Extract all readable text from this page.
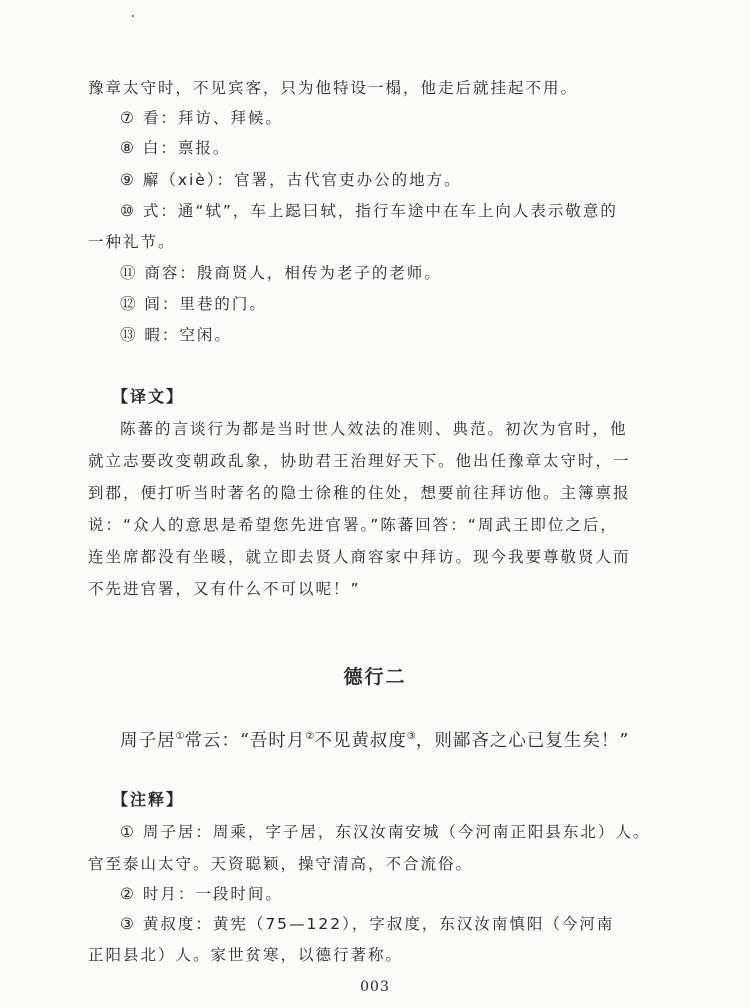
豫章太守时，不见宾客，只为他特设一榻，他走后就挂起不用。
⑦ 看：拜访、拜候。
⑧ 白：禀报。
⑨ 廨（xiè）：官署，古代官吏办公的地方。
⑩ 式：通“轼”，车上跽曰轼，指行车途中在车上向人表示敬意的
一种礼节。
⑪ 商容：殷商贤人，相传为老子的老师。
⑫ 闾：里巷的门。
⑬ 暇：空闲。
【译文】
陈蕃的言谈行为都是当时世人效法的准则、典范。初次为官时，他
就立志要改变朝政乱象，协助君王治理好天下。他出任豫章太守时，一
到郡，便打听当时著名的隐士徐稚的住处，想要前往拜访他。主簿禀报
说：“众人的意思是希望您先进官署。”陈蕃回答：“周武王即位之后，
连坐席都没有坐暖，就立即去贤人商容家中拜访。现今我要尊敬贤人而
不先进官署，又有什么不可以呢！”
德行二
周子居①常云：“吾时月②不见黄叔度③，则鄙吝之心已复生矣！”
【注释】
① 周子居：周乘，字子居，东汉汝南安城（今河南正阳县东北）人。
官至泰山太守。天资聪颖，操守清高，不合流俗。
② 时月：一段时间。
③ 黄叔度：黄宪（75—122），字叔度，东汉汝南慎阳（今河南
正阳县北）人。家世贫寒，以德行著称。
003
